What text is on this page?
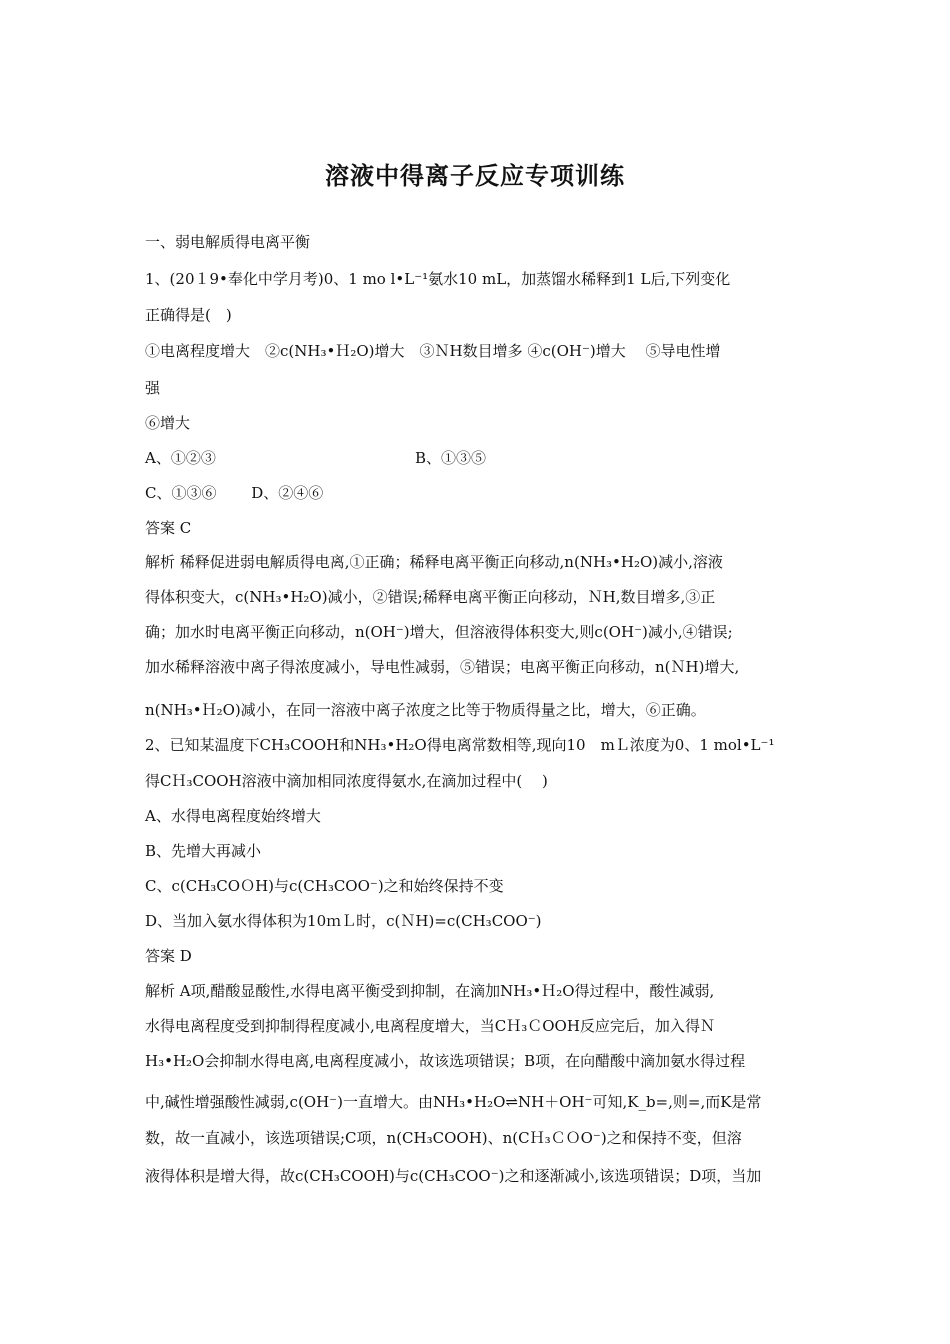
溶液中得离子反应专项训练
一、弱电解质得电离平衡
1、(20１9•奉化中学月考)0、1 mo l•L⁻¹氨水10 mL，加蒸馏水稀释到1 L后,下列变化
正确得是(　)
①电离程度增大　②c(NH₃•Ｈ₂O)增大　③ＮH数目增多 ④c(OH⁻)增大　 ⑤导电性增
强
⑥增大
A、①②③	B、①③⑤
C、①③⑥　　 D、②④⑥
答案 C
解析 稀释促进弱电解质得电离,①正确；稀释电离平衡正向移动,n(NH₃•H₂O)减小,溶液
得体积变大，c(NH₃•H₂O)减小，②错误;稀释电离平衡正向移动，ＮH,数目增多,③正
确；加水时电离平衡正向移动，n(OH⁻)增大，但溶液得体积变大,则c(OH⁻)减小,④错误;
加水稀释溶液中离子得浓度减小，导电性减弱，⑤错误；电离平衡正向移动，n(ＮH)增大,
n(NH₃•Ｈ₂O)减小，在同一溶液中离子浓度之比等于物质得量之比，增大，⑥正确。
2、已知某温度下CH₃COOH和NH₃•H₂O得电离常数相等,现向10　mＬ浓度为0、1 mol•L⁻¹
得CＨ₃COOH溶液中滴加相同浓度得氨水,在滴加过程中(　 )
A、水得电离程度始终增大
B、先增大再减小
C、c(CH₃COＯH)与c(CH₃COO⁻)之和始终保持不变
D、当加入氨水得体积为10ｍＬ时，c(ＮH)=c(CH₃COO⁻)
答案 D
解析 A项,醋酸显酸性,水得电离平衡受到抑制，在滴加NH₃•Ｈ₂O得过程中，酸性减弱,
水得电离程度受到抑制得程度减小,电离程度增大，当CＨ₃ＣOOH反应完后，加入得Ｎ
H₃•H₂O会抑制水得电离,电离程度减小，故该选项错误；B项，在向醋酸中滴加氨水得过程
中,碱性增强酸性减弱,c(OH⁻)一直增大。由NH₃•H₂O⇌NH＋OH⁻可知,K_b=,则=,而K是常
数，故一直减小，该选项错误;C项，n(CH₃COOH)、n(CＨ₃ＣＯO⁻)之和保持不变，但溶
液得体积是增大得，故c(CH₃COOH)与c(CH₃COO⁻)之和逐渐减小,该选项错误；D项，当加
